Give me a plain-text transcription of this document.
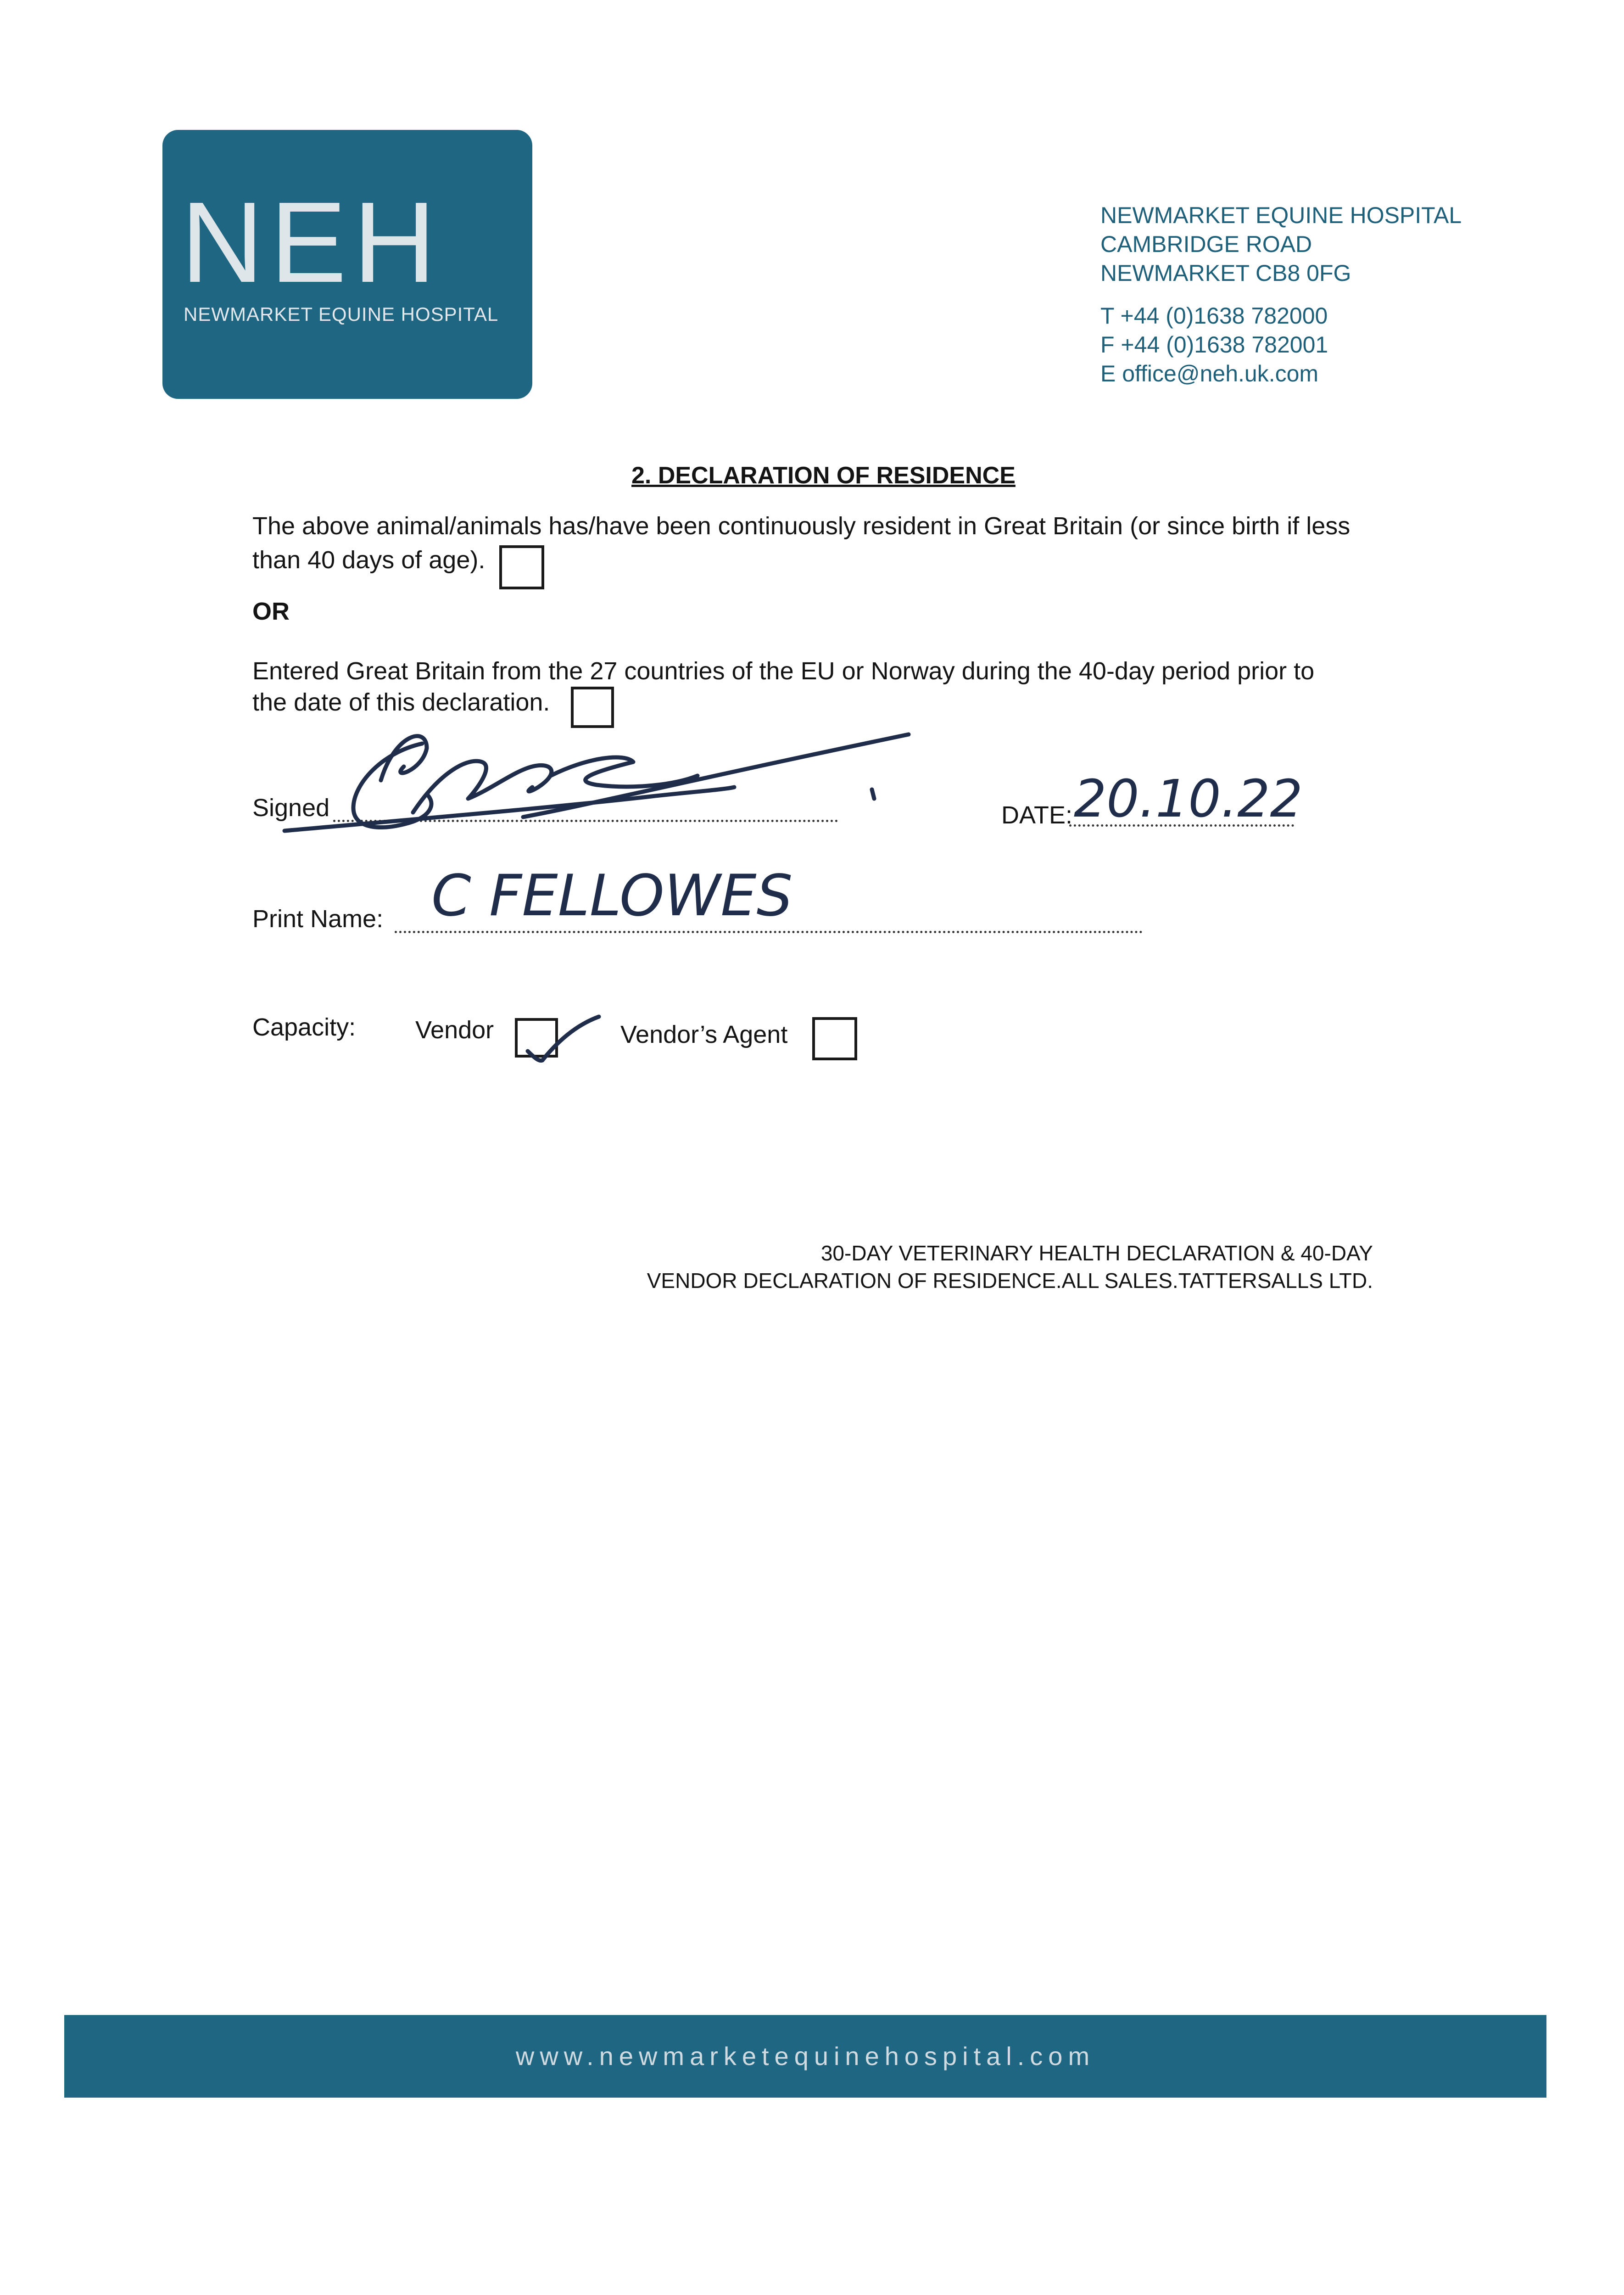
NEH
NEWMARKET EQUINE HOSPITAL
NEWMARKET EQUINE HOSPITAL
CAMBRIDGE ROAD
NEWMARKET CB8 0FG
T +44 (0)1638 782000
F +44 (0)1638 782001
E office@neh.uk.com
2. DECLARATION OF RESIDENCE
The above animal/animals has/have been continuously resident in Great Britain (or since birth if less
than 40 days of age).
OR
Entered Great Britain from the 27 countries of the EU or Norway during the 40-day period prior to
the date of this declaration.
Signed	DATE: 20.10.22
Print Name: C FELLOWES
Capacity: Vendor	Vendor’s Agent
30-DAY VETERINARY HEALTH DECLARATION & 40-DAY
VENDOR DECLARATION OF RESIDENCE.ALL SALES.TATTERSALLS LTD.
www.newmarketequinehospital.com
